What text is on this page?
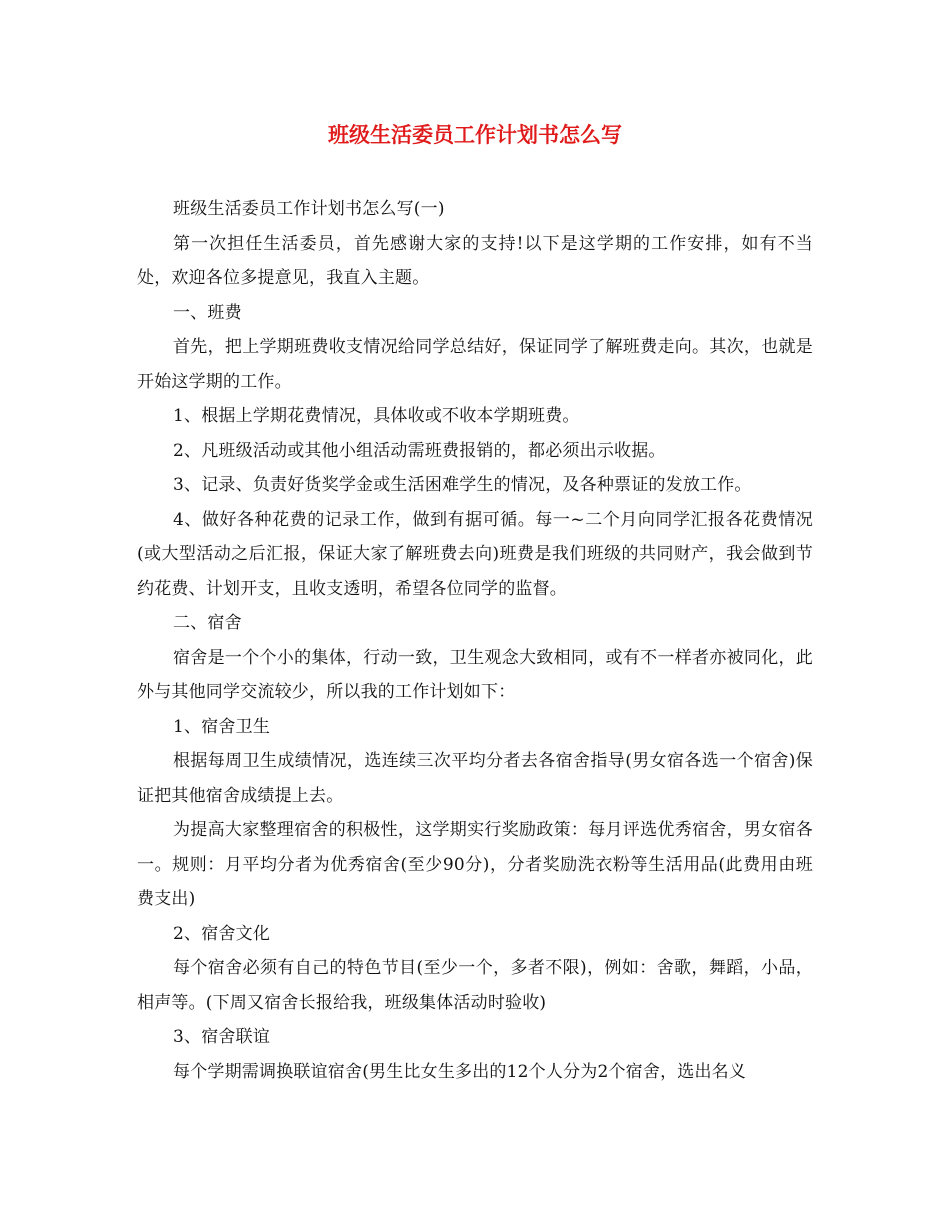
班级生活委员工作计划书怎么写

班级生活委员工作计划书怎么写(一)

第一次担任生活委员，首先感谢大家的支持!以下是这学期的工作安排，如有不当处，欢迎各位多提意见，我直入主题。

一、班费

首先，把上学期班费收支情况给同学总结好，保证同学了解班费走向。其次，也就是开始这学期的工作。

1、根据上学期花费情况，具体收或不收本学期班费。

2、凡班级活动或其他小组活动需班费报销的，都必须出示收据。

3、记录、负责好货奖学金或生活困难学生的情况，及各种票证的发放工作。

4、做好各种花费的记录工作，做到有据可循。每一~二个月向同学汇报各花费情况(或大型活动之后汇报，保证大家了解班费去向)班费是我们班级的共同财产，我会做到节约花费、计划开支，且收支透明，希望各位同学的监督。

二、宿舍

宿舍是一个个小的集体，行动一致，卫生观念大致相同，或有不一样者亦被同化，此外与其他同学交流较少，所以我的工作计划如下：

1、宿舍卫生

根据每周卫生成绩情况，选连续三次平均分者去各宿舍指导(男女宿各选一个宿舍)保证把其他宿舍成绩提上去。

为提高大家整理宿舍的积极性，这学期实行奖励政策：每月评选优秀宿舍，男女宿各一。规则：月平均分者为优秀宿舍(至少90分)，分者奖励洗衣粉等生活用品(此费用由班费支出)

2、宿舍文化

每个宿舍必须有自己的特色节目(至少一个，多者不限)，例如：舍歌，舞蹈，小品，相声等。(下周又宿舍长报给我，班级集体活动时验收)

3、宿舍联谊

每个学期需调换联谊宿舍(男生比女生多出的12个人分为2个宿舍，选出名义
